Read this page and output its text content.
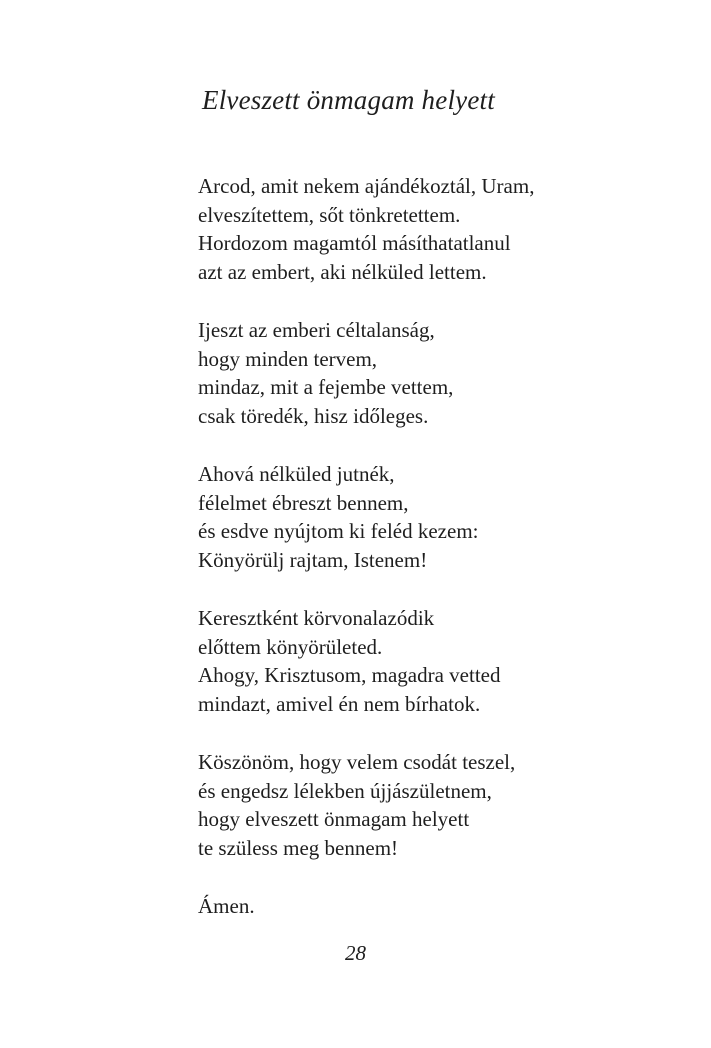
Elveszett önmagam helyett
Arcod, amit nekem ajándékoztál, Uram,
elveszítettem, sőt tönkretettem.
Hordozom magamtól másíthatatlanul
azt az embert, aki nélküled lettem.
Ijeszt az emberi céltalanság,
hogy minden tervem,
mindaz, mit a fejembe vettem,
csak töredék, hisz időleges.
Ahová nélküled jutnék,
félelmet ébreszt bennem,
és esdve nyújtom ki feléd kezem:
Könyörülj rajtam, Istenem!
Keresztként körvonalazódik
előttem könyörületed.
Ahogy, Krisztusom, magadra vetted
mindazt, amivel én nem bírhatok.
Köszönöm, hogy velem csodát teszel,
és engedsz lélekben újjászületnem,
hogy elveszett önmagam helyett
te szüless meg bennem!
Ámen.
28
